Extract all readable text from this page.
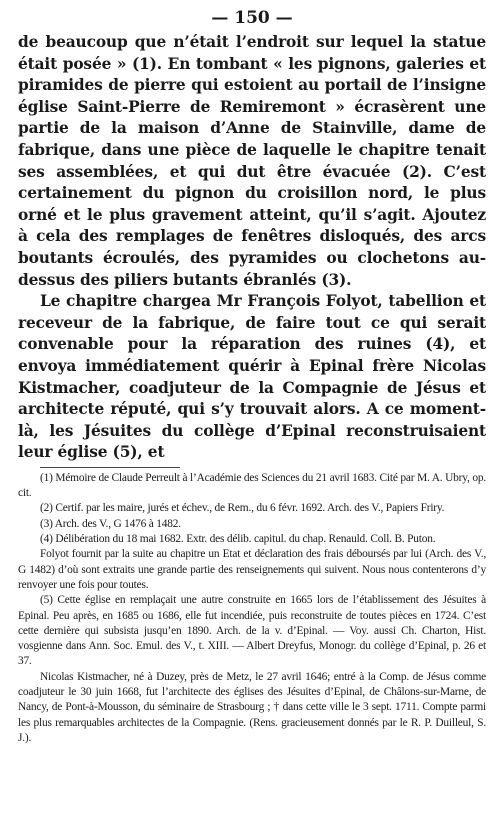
— 150 —

de beaucoup que n’était l’endroit sur lequel la statue était posée » (1). En tombant « les pignons, galeries et piramides de pierre qui estoient au portail de l’insigne église Saint-Pierre de Remiremont » écrasèrent une partie de la maison d’Anne de Stainville, dame de fabrique, dans une pièce de laquelle le chapitre tenait ses assemblées, et qui dut être évacuée (2). C’est certainement du pignon du croisillon nord, le plus orné et le plus gravement atteint, qu’il s’agit. Ajoutez à cela des remplages de fenêtres disloqués, des arcs boutants écroulés, des pyramides ou clochetons au-dessus des piliers butants ébranlés (3).

Le chapitre chargea Mr François Folyot, tabellion et receveur de la fabrique, de faire tout ce qui serait convenable pour la réparation des ruines (4), et envoya immédiatement quérir à Epinal frère Nicolas Kistmacher, coadjuteur de la Compagnie de Jésus et architecte réputé, qui s’y trouvait alors. A ce moment-là, les Jésuites du collège d’Epinal reconstruisaient leur église (5), et

(1) Mémoire de Claude Perreult à l’Académie des Sciences du 21 avril 1683. Cité par M. A. Ubry, op. cit.

(2) Certif. par les maire, jurés et échev., de Rem., du 6 févr. 1692. Arch. des V., Papiers Friry.

(3) Arch. des V., G 1476 à 1482.

(4) Délibération du 18 mai 1682. Extr. des délib. capitul. du chap. Renauld. Coll. B. Puton.

Folyot fournit par la suite au chapitre un Etat et déclaration des frais déboursés par lui (Arch. des V., G 1482) d’où sont extraits une grande partie des renseignements qui suivent. Nous nous contenterons d’y renvoyer une fois pour toutes.

(5) Cette église en remplaçait une autre construite en 1665 lors de l’établissement des Jésuites à Epinal. Peu après, en 1685 ou 1686, elle fut incendiée, puis reconstruite de toutes pièces en 1724. C’est cette dernière qui subsista jusqu’en 1890. Arch. de la v. d’Epinal. — Voy. aussi Ch. Charton, Hist. vosgienne dans Ann. Soc. Emul. des V., t. XIII. — Albert Dreyfus, Monogr. du collège d’Epinal, p. 26 et 37.

Nicolas Kistmacher, né à Duzey, près de Metz, le 27 avril 1646; entré à la Comp. de Jésus comme coadjuteur le 30 juin 1668, fut l’architecte des églises des Jésuites d’Epinal, de Châlons-sur-Marne, de Nancy, de Pont-à-Mousson, du séminaire de Strasbourg ; † dans cette ville le 3 sept. 1711. Compte parmi les plus remarquables architectes de la Compagnie. (Rens. gracieusement donnés par le R. P. Duilleul, S. J.).
